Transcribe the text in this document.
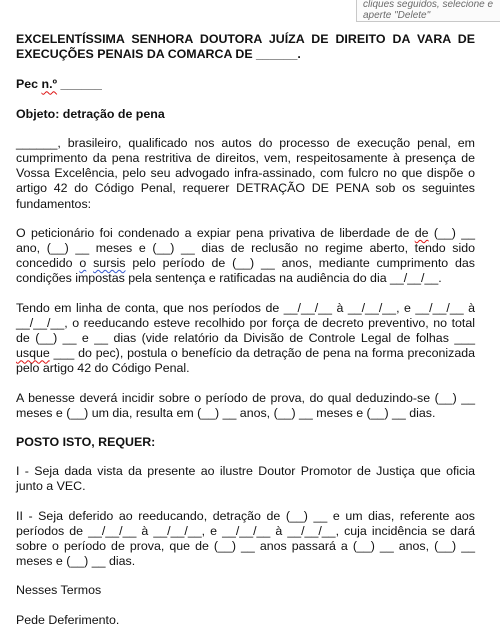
cliques seguidos, selecione e
aperte "Delete"

EXCELENTÍSSIMA SENHORA DOUTORA JUÍZA DE DIREITO DA VARA DE EXECUÇÕES PENAIS DA COMARCA DE ______.

Pec n.º ______

Objeto: detração de pena

______, brasileiro, qualificado nos autos do processo de execução penal, em cumprimento da pena restritiva de direitos, vem, respeitosamente à presença de Vossa Excelência, pelo seu advogado infra-assinado, com fulcro no que dispõe o artigo 42 do Código Penal, requerer DETRAÇÃO DE PENA sob os seguintes fundamentos:

O peticionário foi condenado a expiar pena privativa de liberdade de de (__) __ ano, (__) __ meses e (__) __ dias de reclusão no regime aberto, tendo sido concedido o sursis pelo período de (__) __ anos, mediante cumprimento das condições impostas pela sentença e ratificadas na audiência do dia __/__/__.

Tendo em linha de conta, que nos períodos de __/__/__ à __/__/__, e __/__/__ à __/__/__, o reeducando esteve recolhido por força de decreto preventivo, no total de (__) __ e __ dias (vide relatório da Divisão de Controle Legal de folhas ___ usque ___ do pec), postula o benefício da detração de pena na forma preconizada pelo artigo 42 do Código Penal.

A benesse deverá incidir sobre o período de prova, do qual deduzindo-se (__) __ meses e (__) um dia, resulta em (__) __ anos, (__) __ meses e (__) __ dias.

POSTO ISTO, REQUER:

I - Seja dada vista da presente ao ilustre Doutor Promotor de Justiça que oficia junto a VEC.

II - Seja deferido ao reeducando, detração de (__) __ e um dias, referente aos períodos de __/__/__ à __/__/__, e __/__/__ à __/__/__, cuja incidência se dará sobre o período de prova, que de (__) __ anos passará a (__) __ anos, (__) __ meses e (__) __ dias.

Nesses Termos

Pede Deferimento.
